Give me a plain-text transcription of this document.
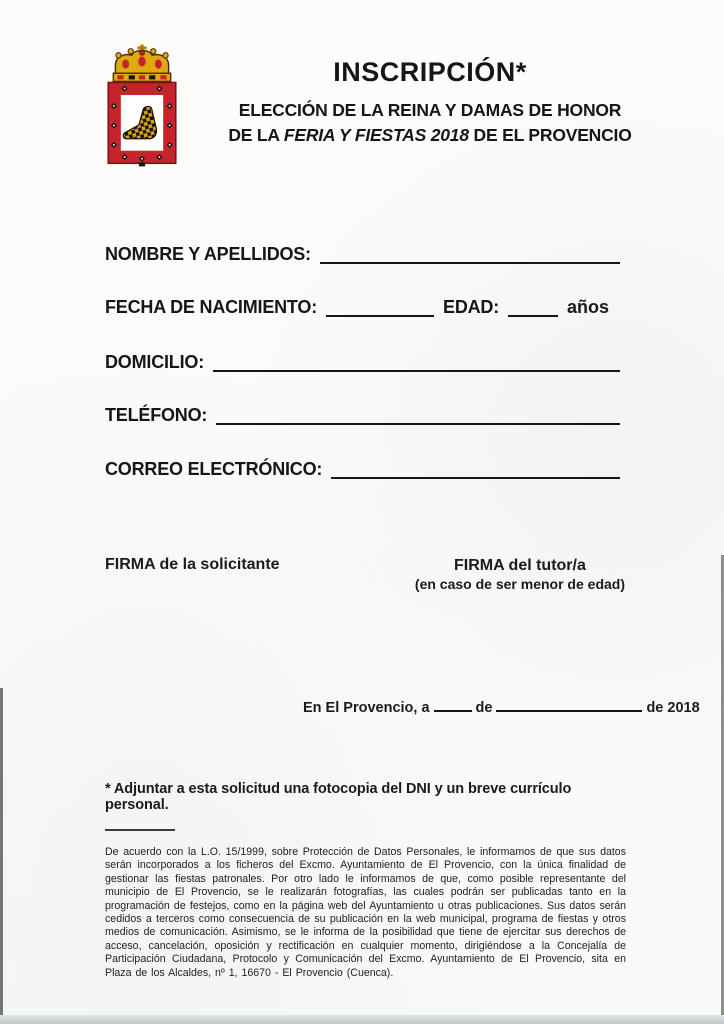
INSCRIPCIÓN*
ELECCIÓN DE LA REINA Y DAMAS DE HONOR
DE LA FERIA Y FIESTAS 2018 DE EL PROVENCIO
NOMBRE Y APELLIDOS:
FECHA DE NACIMIENTO:	EDAD:	años
DOMICILIO:
TELÉFONO:
CORREO ELECTRÓNICO:
FIRMA de la solicitante	FIRMA del tutor/a
(en caso de ser menor de edad)
En El Provencio, a	de	de 2018
* Adjuntar a esta solicitud una fotocopia del DNI y un breve currículo personal.
De acuerdo con la L.O. 15/1999, sobre Protección de Datos Personales, le informamos de que sus datos serán incorporados a los ficheros del Excmo. Ayuntamiento de El Provencio, con la única finalidad de gestionar las fiestas patronales. Por otro lado le informamos de que, como posible representante del municipio de El Provencio, se le realizarán fotografías, las cuales podrán ser publicadas tanto en la programación de festejos, como en la página web del Ayuntamiento u otras publicaciones. Sus datos serán cedidos a terceros como consecuencia de su publicación en la web municipal, programa de fiestas y otros medios de comunicación. Asimismo, se le informa de la posibilidad que tiene de ejercitar sus derechos de acceso, cancelación, oposición y rectificación en cualquier momento, dirigiéndose a la Concejalía de Participación Ciudadana, Protocolo y Comunicación del Excmo. Ayuntamiento de El Provencio, sita en Plaza de los Alcaldes, nº 1, 16670 - El Provencio (Cuenca).
